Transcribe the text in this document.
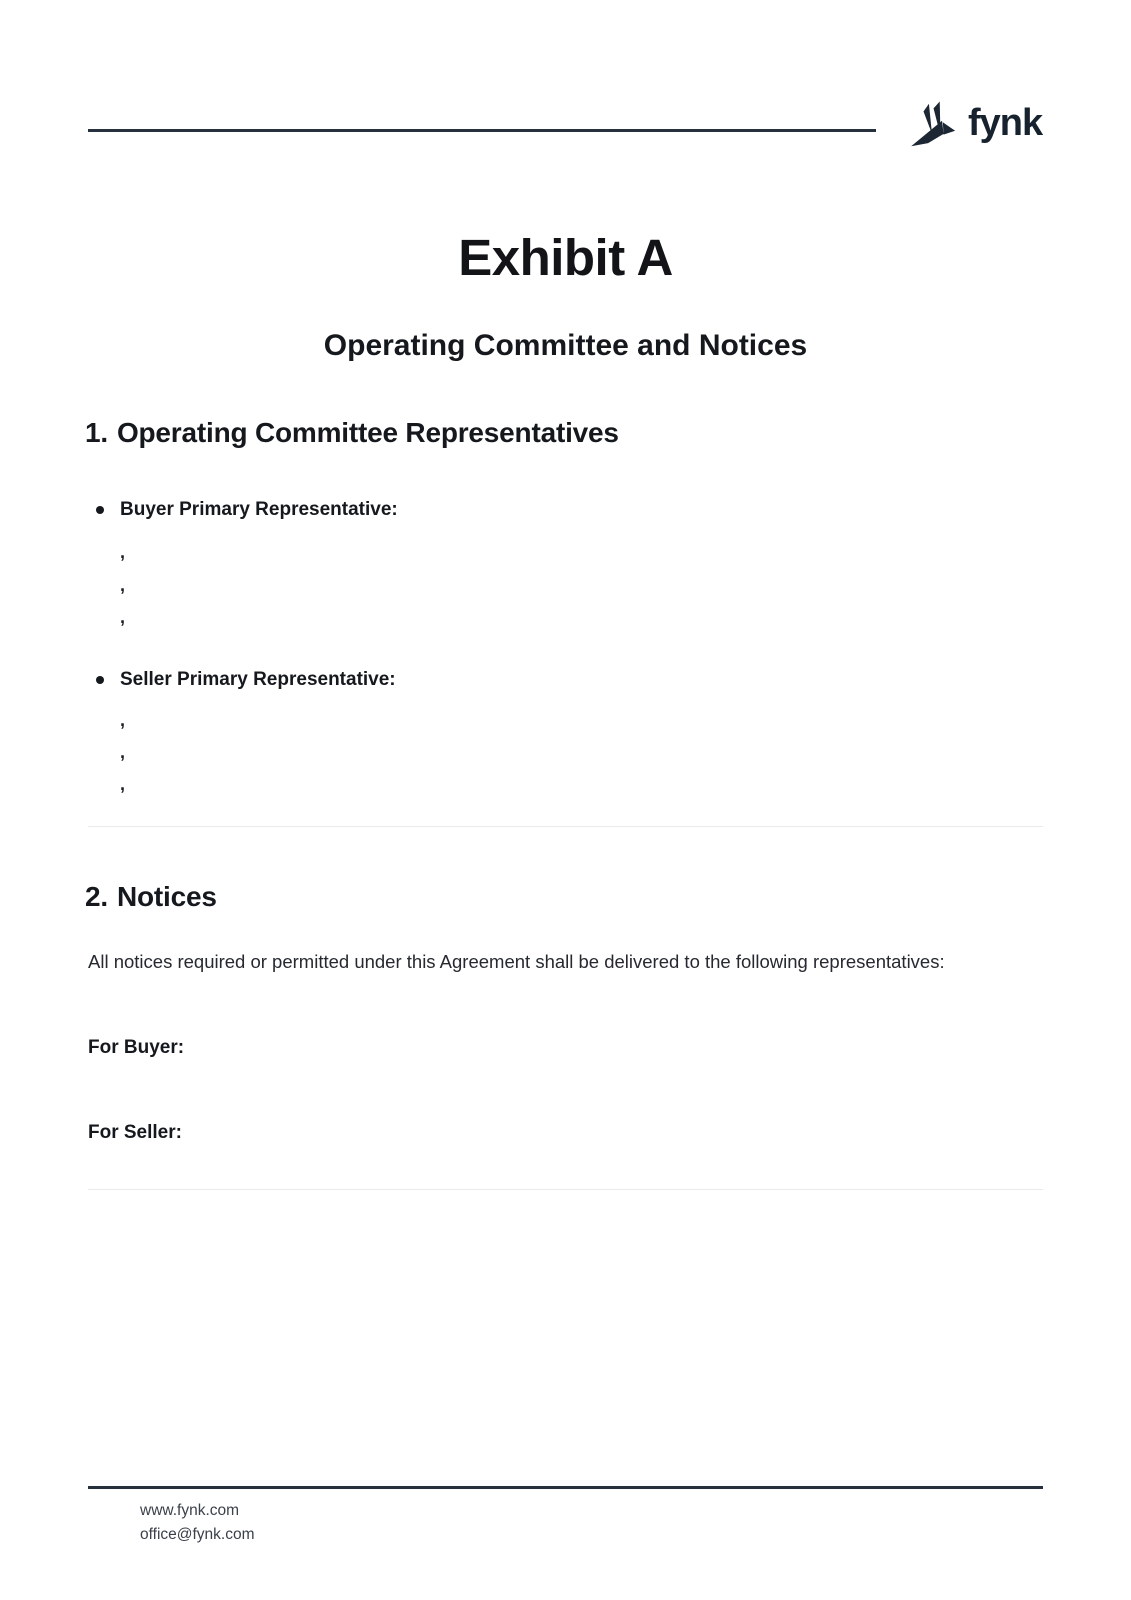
fynk
Exhibit A
Operating Committee and Notices
1. Operating Committee Representatives
Buyer Primary Representative:
,
,
,
Seller Primary Representative:
,
,
,
2. Notices
All notices required or permitted under this Agreement shall be delivered to the following representatives:
For Buyer:
For Seller:
www.fynk.com
office@fynk.com
